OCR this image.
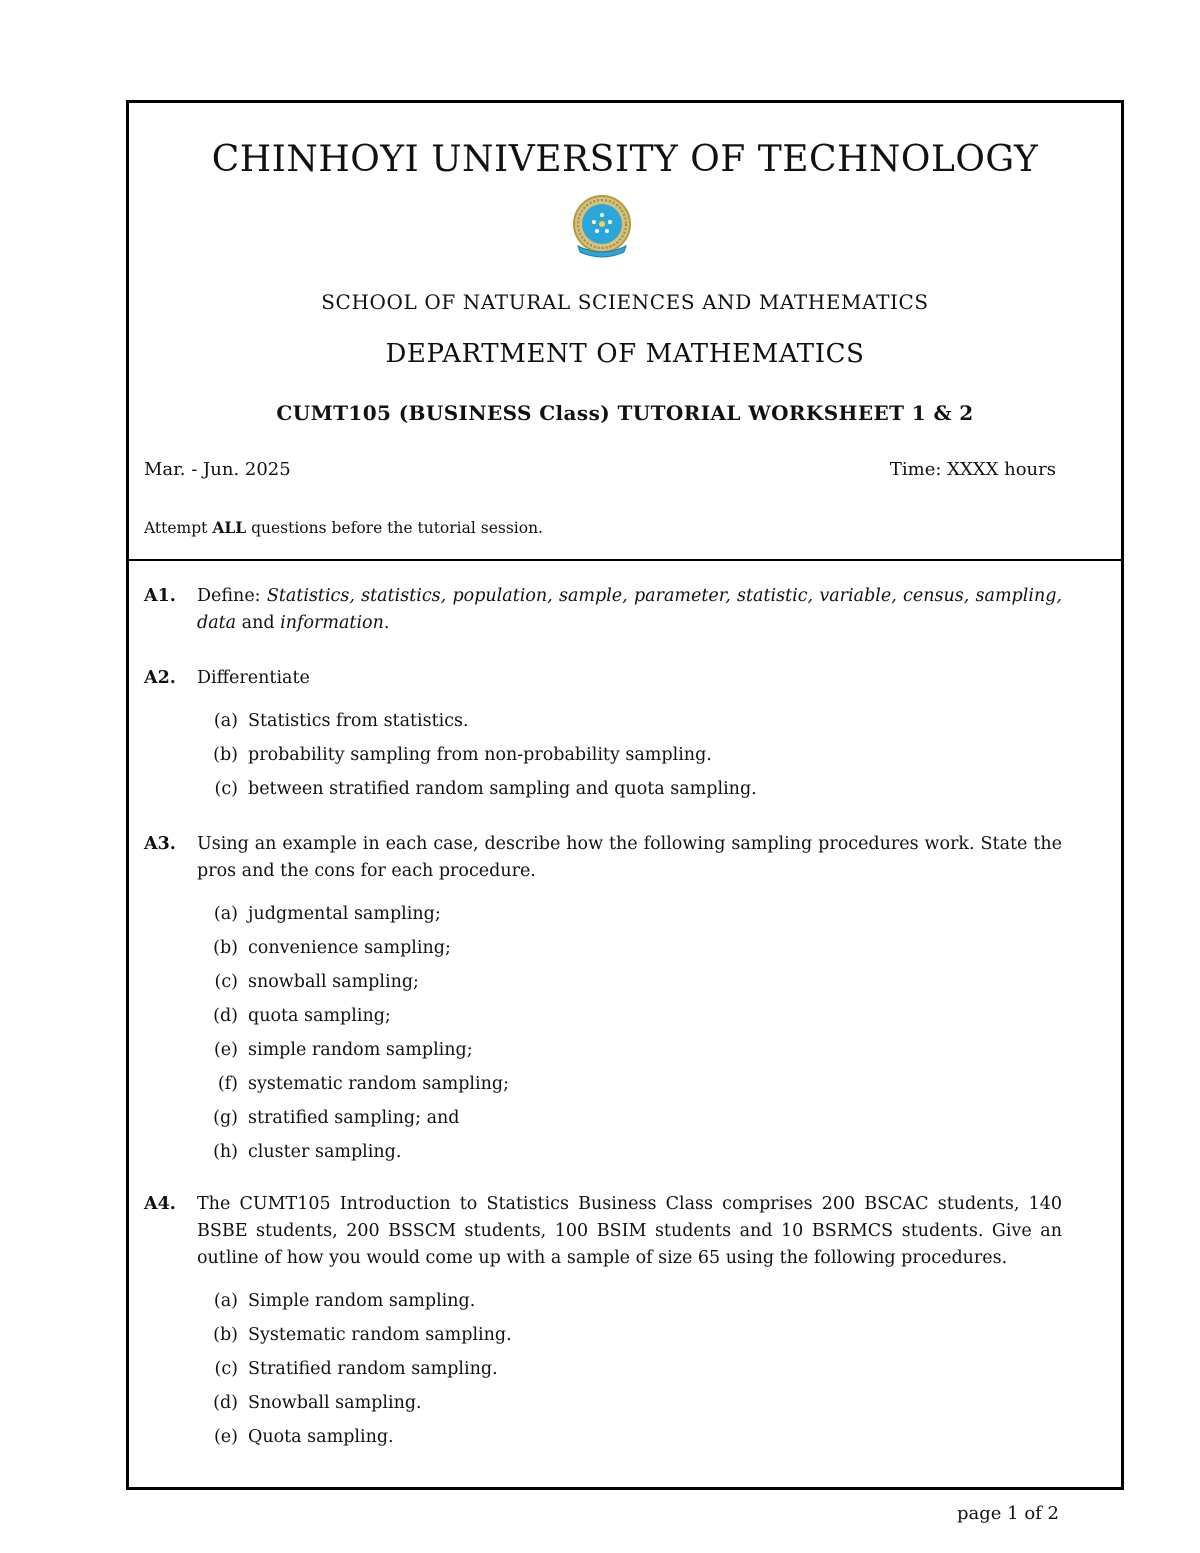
CHINHOYI UNIVERSITY OF TECHNOLOGY
SCHOOL OF NATURAL SCIENCES AND MATHEMATICS
DEPARTMENT OF MATHEMATICS
CUMT105 (BUSINESS Class) TUTORIAL WORKSHEET 1 & 2
Mar. - Jun. 2025	Time: XXXX hours
Attempt ALL questions before the tutorial session.
A1. Define: Statistics, statistics, population, sample, parameter, statistic, variable, census, sampling, data and information.
A2. Differentiate
(a) Statistics from statistics.
(b) probability sampling from non-probability sampling.
(c) between stratified random sampling and quota sampling.
A3. Using an example in each case, describe how the following sampling procedures work. State the pros and the cons for each procedure.
(a) judgmental sampling;
(b) convenience sampling;
(c) snowball sampling;
(d) quota sampling;
(e) simple random sampling;
(f) systematic random sampling;
(g) stratified sampling; and
(h) cluster sampling.
A4. The CUMT105 Introduction to Statistics Business Class comprises 200 BSCAC students, 140 BSBE students, 200 BSSCM students, 100 BSIM students and 10 BSRMCS students. Give an outline of how you would come up with a sample of size 65 using the following procedures.
(a) Simple random sampling.
(b) Systematic random sampling.
(c) Stratified random sampling.
(d) Snowball sampling.
(e) Quota sampling.
page 1 of 2
